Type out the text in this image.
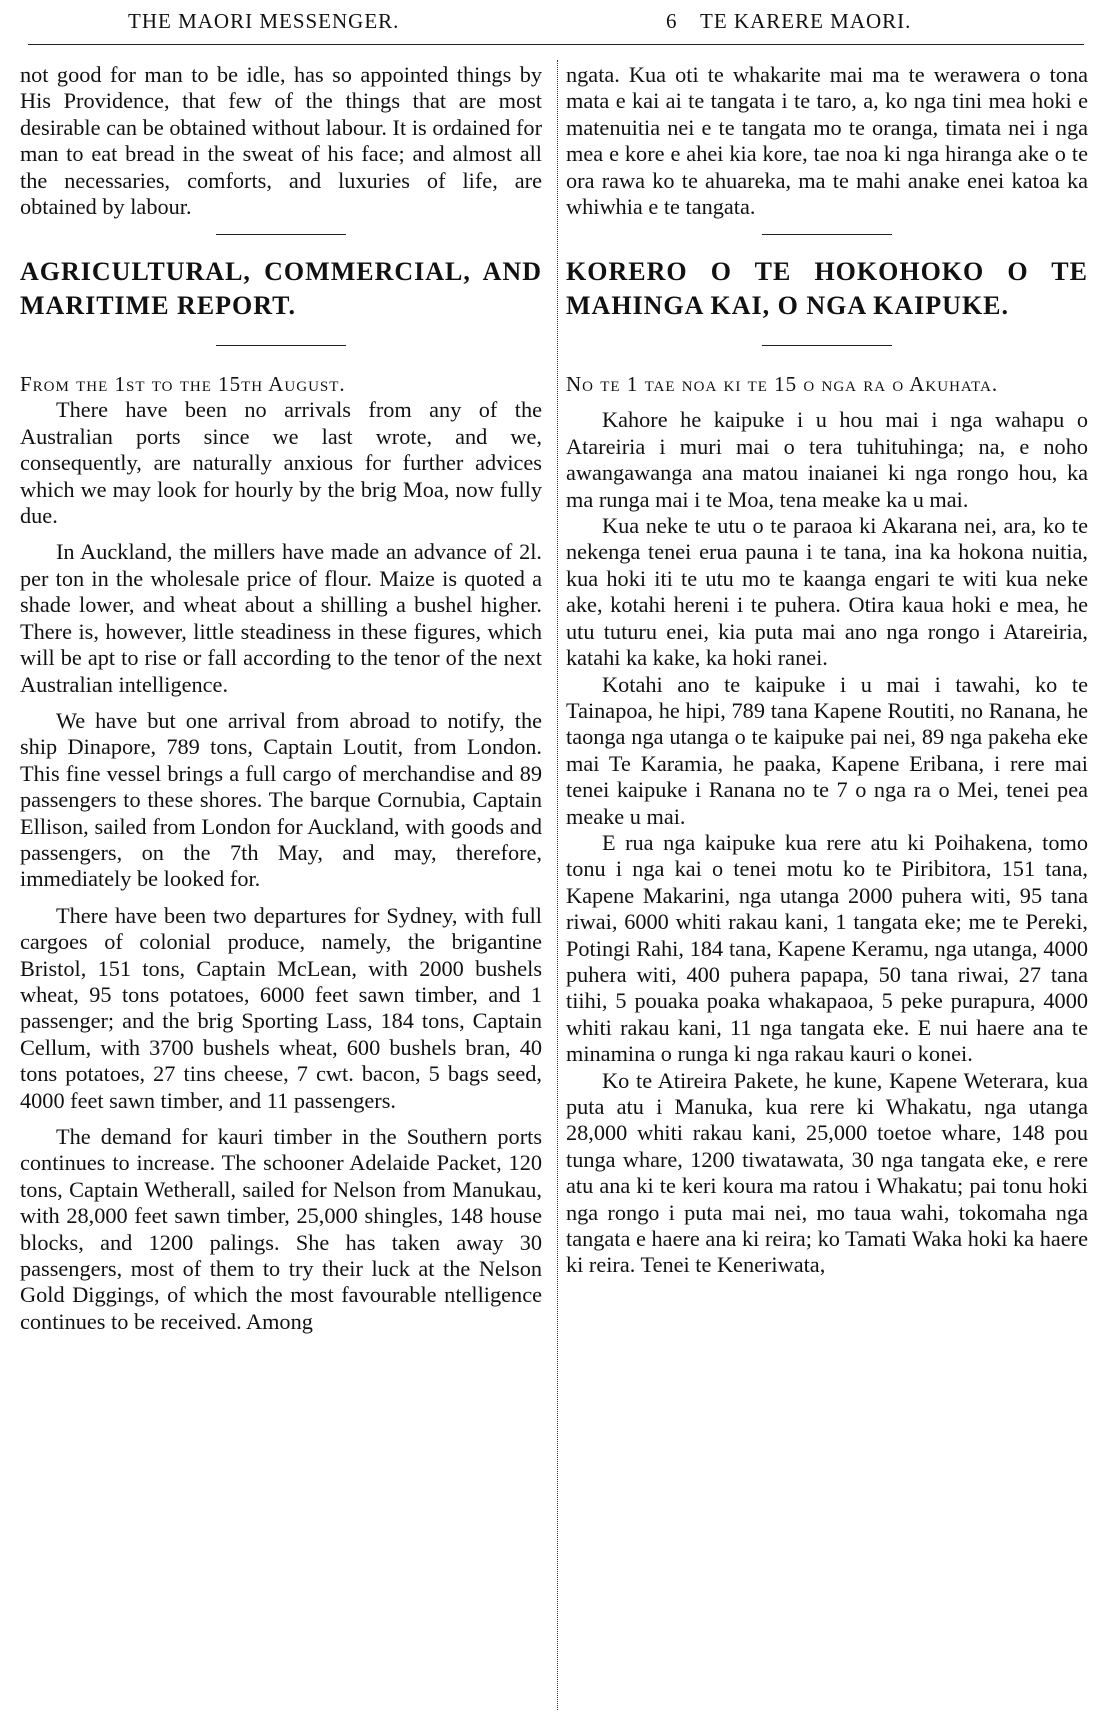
THE MAORI MESSENGER.	6 TE KARERE MAORI.

not good for man to be idle, has so appointed things by His Providence, that few of the things that are most desirable can be obtained without labour. It is ordained for man to eat bread in the sweat of his face; and almost all the necessaries, comforts, and luxuries of life, are obtained by labour.

AGRICULTURAL, COMMERCIAL, AND MARITIME REPORT.

From the 1st to the 15th August.

There have been no arrivals from any of the Australian ports since we last wrote, and we, consequently, are naturally anxious for further advices which we may look for hourly by the brig Moa, now fully due.

In Auckland, the millers have made an advance of 2l. per ton in the wholesale price of flour. Maize is quoted a shade lower, and wheat about a shilling a bushel higher. There is, however, little steadiness in these figures, which will be apt to rise or fall according to the tenor of the next Australian intelligence.

We have but one arrival from abroad to notify, the ship Dinapore, 789 tons, Captain Loutit, from London. This fine vessel brings a full cargo of merchandise and 89 passengers to these shores. The barque Cornubia, Captain Ellison, sailed from London for Auckland, with goods and passengers, on the 7th May, and may, therefore, immediately be looked for.

There have been two departures for Sydney, with full cargoes of colonial produce, namely, the brigantine Bristol, 151 tons, Captain McLean, with 2000 bushels wheat, 95 tons potatoes, 6000 feet sawn timber, and 1 passenger; and the brig Sporting Lass, 184 tons, Captain Cellum, with 3700 bushels wheat, 600 bushels bran, 40 tons potatoes, 27 tins cheese, 7 cwt. bacon, 5 bags seed, 4000 feet sawn timber, and 11 passengers.

The demand for kauri timber in the Southern ports continues to increase. The schooner Adelaide Packet, 120 tons, Captain Wetherall, sailed for Nelson from Manukau, with 28,000 feet sawn timber, 25,000 shingles, 148 house blocks, and 1200 palings. She has taken away 30 passengers, most of them to try their luck at the Nelson Gold Diggings, of which the most favourable ntelligence continues to be received. Among

ngata. Kua oti te whakarite mai ma te werawera o tona mata e kai ai te tangata i te taro, a, ko nga tini mea hoki e matenuitia nei e te tangata mo te oranga, timata nei i nga mea e kore e ahei kia kore, tae noa ki nga hiranga ake o te ora rawa ko te ahuareka, ma te mahi anake enei katoa ka whiwhia e te tangata.

KORERO O TE HOKOHOKO O TE MAHINGA KAI, O NGA KAIPUKE.

No te 1 tae noa ki te 15 o nga ra o Akuhata.

Kahore he kaipuke i u hou mai i nga wahapu o Atareiria i muri mai o tera tuhituhinga; na, e noho awangawanga ana matou inaianei ki nga rongo hou, ka ma runga mai i te Moa, tena meake ka u mai.

Kua neke te utu o te paraoa ki Akarana nei, ara, ko te nekenga tenei erua pauna i te tana, ina ka hokona nuitia, kua hoki iti te utu mo te kaanga engari te witi kua neke ake, kotahi hereni i te puhera. Otira kaua hoki e mea, he utu tuturu enei, kia puta mai ano nga rongo i Atareiria, katahi ka kake, ka hoki ranei.

Kotahi ano te kaipuke i u mai i tawahi, ko te Tainapoa, he hipi, 789 tana Kapene Routiti, no Ranana, he taonga nga utanga o te kaipuke pai nei, 89 nga pakeha eke mai Te Karamia, he paaka, Kapene Eribana, i rere mai tenei kaipuke i Ranana no te 7 o nga ra o Mei, tenei pea meake u mai.

E rua nga kaipuke kua rere atu ki Poihakena, tomo tonu i nga kai o tenei motu ko te Piribitora, 151 tana, Kapene Makarini, nga utanga 2000 puhera witi, 95 tana riwai, 6000 whiti rakau kani, 1 tangata eke; me te Pereki, Potingi Rahi, 184 tana, Kapene Keramu, nga utanga, 4000 puhera witi, 400 puhera papapa, 50 tana riwai, 27 tana tiihi, 5 pouaka poaka whakapaoa, 5 peke purapura, 4000 whiti rakau kani, 11 nga tangata eke. E nui haere ana te minamina o runga ki nga rakau kauri o konei.

Ko te Atireira Pakete, he kune, Kapene Weterara, kua puta atu i Manuka, kua rere ki Whakatu, nga utanga 28,000 whiti rakau kani, 25,000 toetoe whare, 148 pou tunga whare, 1200 tiwatawata, 30 nga tangata eke, e rere atu ana ki te keri koura ma ratou i Whakatu; pai tonu hoki nga rongo i puta mai nei, mo taua wahi, tokomaha nga tangata e haere ana ki reira; ko Tamati Waka hoki ka haere ki reira. Tenei te Keneriwata,
